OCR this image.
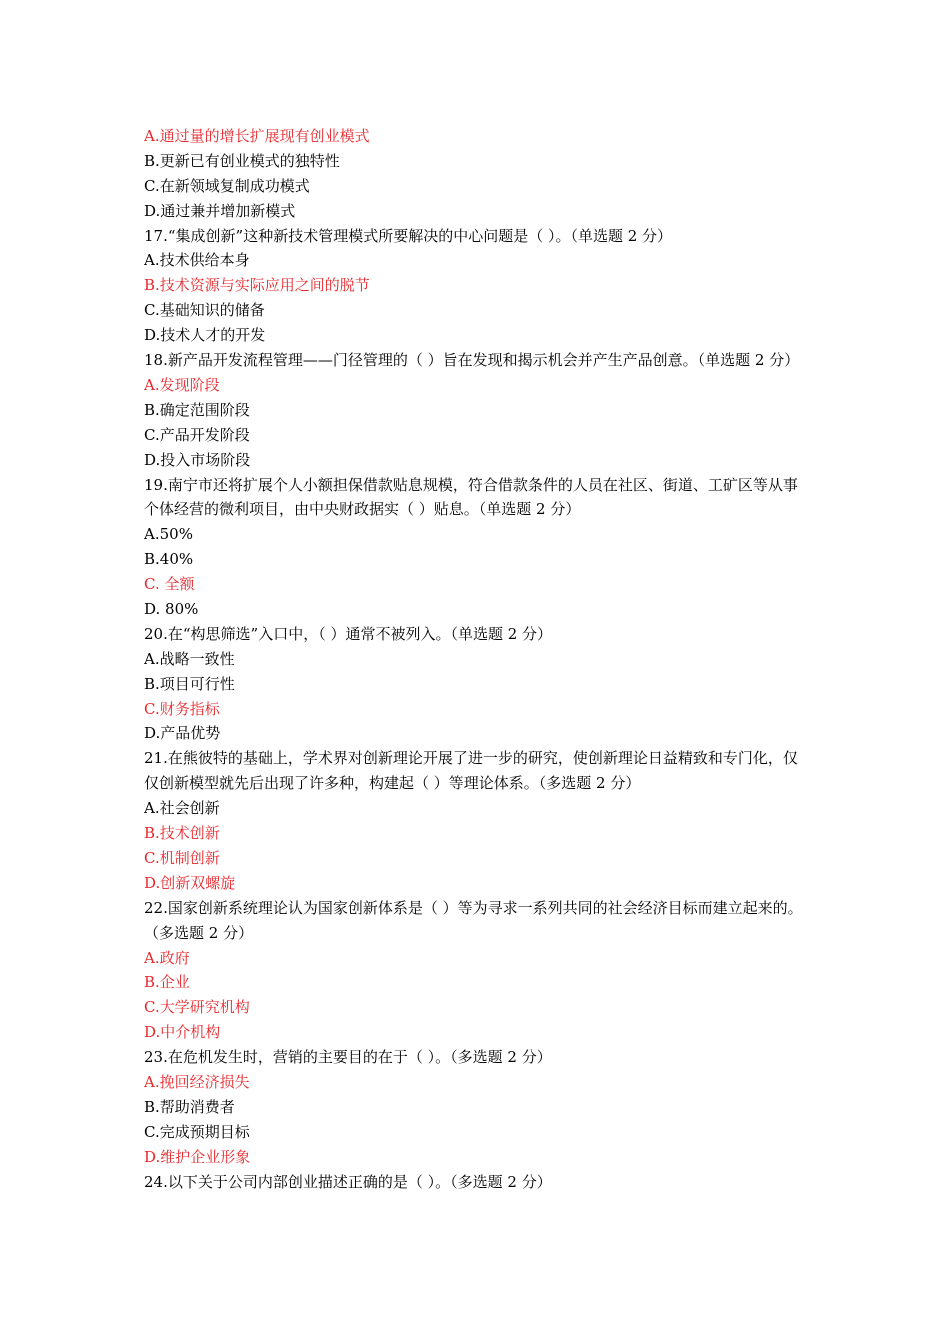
A.通过量的增长扩展现有创业模式
B.更新已有创业模式的独特性
C.在新领域复制成功模式
D.通过兼并增加新模式
17.“集成创新”这种新技术管理模式所要解决的中心问题是（ ）。（单选题 2 分）
A.技术供给本身
B.技术资源与实际应用之间的脱节
C.基础知识的储备
D.技术人才的开发
18.新产品开发流程管理——门径管理的（ ）旨在发现和揭示机会并产生产品创意。（单选题 2 分）
A.发现阶段
B.确定范围阶段
C.产品开发阶段
D.投入市场阶段
19.南宁市还将扩展个人小额担保借款贴息规模，符合借款条件的人员在社区、街道、工矿区等从事个体经营的微利项目，由中央财政据实（ ）贴息。（单选题 2 分）
A.50%
B.40%
C. 全额
D. 80%
20.在“构思筛选”入口中，（ ）通常不被列入。（单选题 2 分）
A.战略一致性
B.项目可行性
C.财务指标
D.产品优势
21.在熊彼特的基础上，学术界对创新理论开展了进一步的研究，使创新理论日益精致和专门化，仅仅创新模型就先后出现了许多种，构建起（ ）等理论体系。（多选题 2 分）
A.社会创新
B.技术创新
C.机制创新
D.创新双螺旋
22.国家创新系统理论认为国家创新体系是（ ）等为寻求一系列共同的社会经济目标而建立起来的。（多选题 2 分）
A.政府
B.企业
C.大学研究机构
D.中介机构
23.在危机发生时，营销的主要目的在于（ ）。（多选题 2 分）
A.挽回经济损失
B.帮助消费者
C.完成预期目标
D.维护企业形象
24.以下关于公司内部创业描述正确的是（ ）。（多选题 2 分）
